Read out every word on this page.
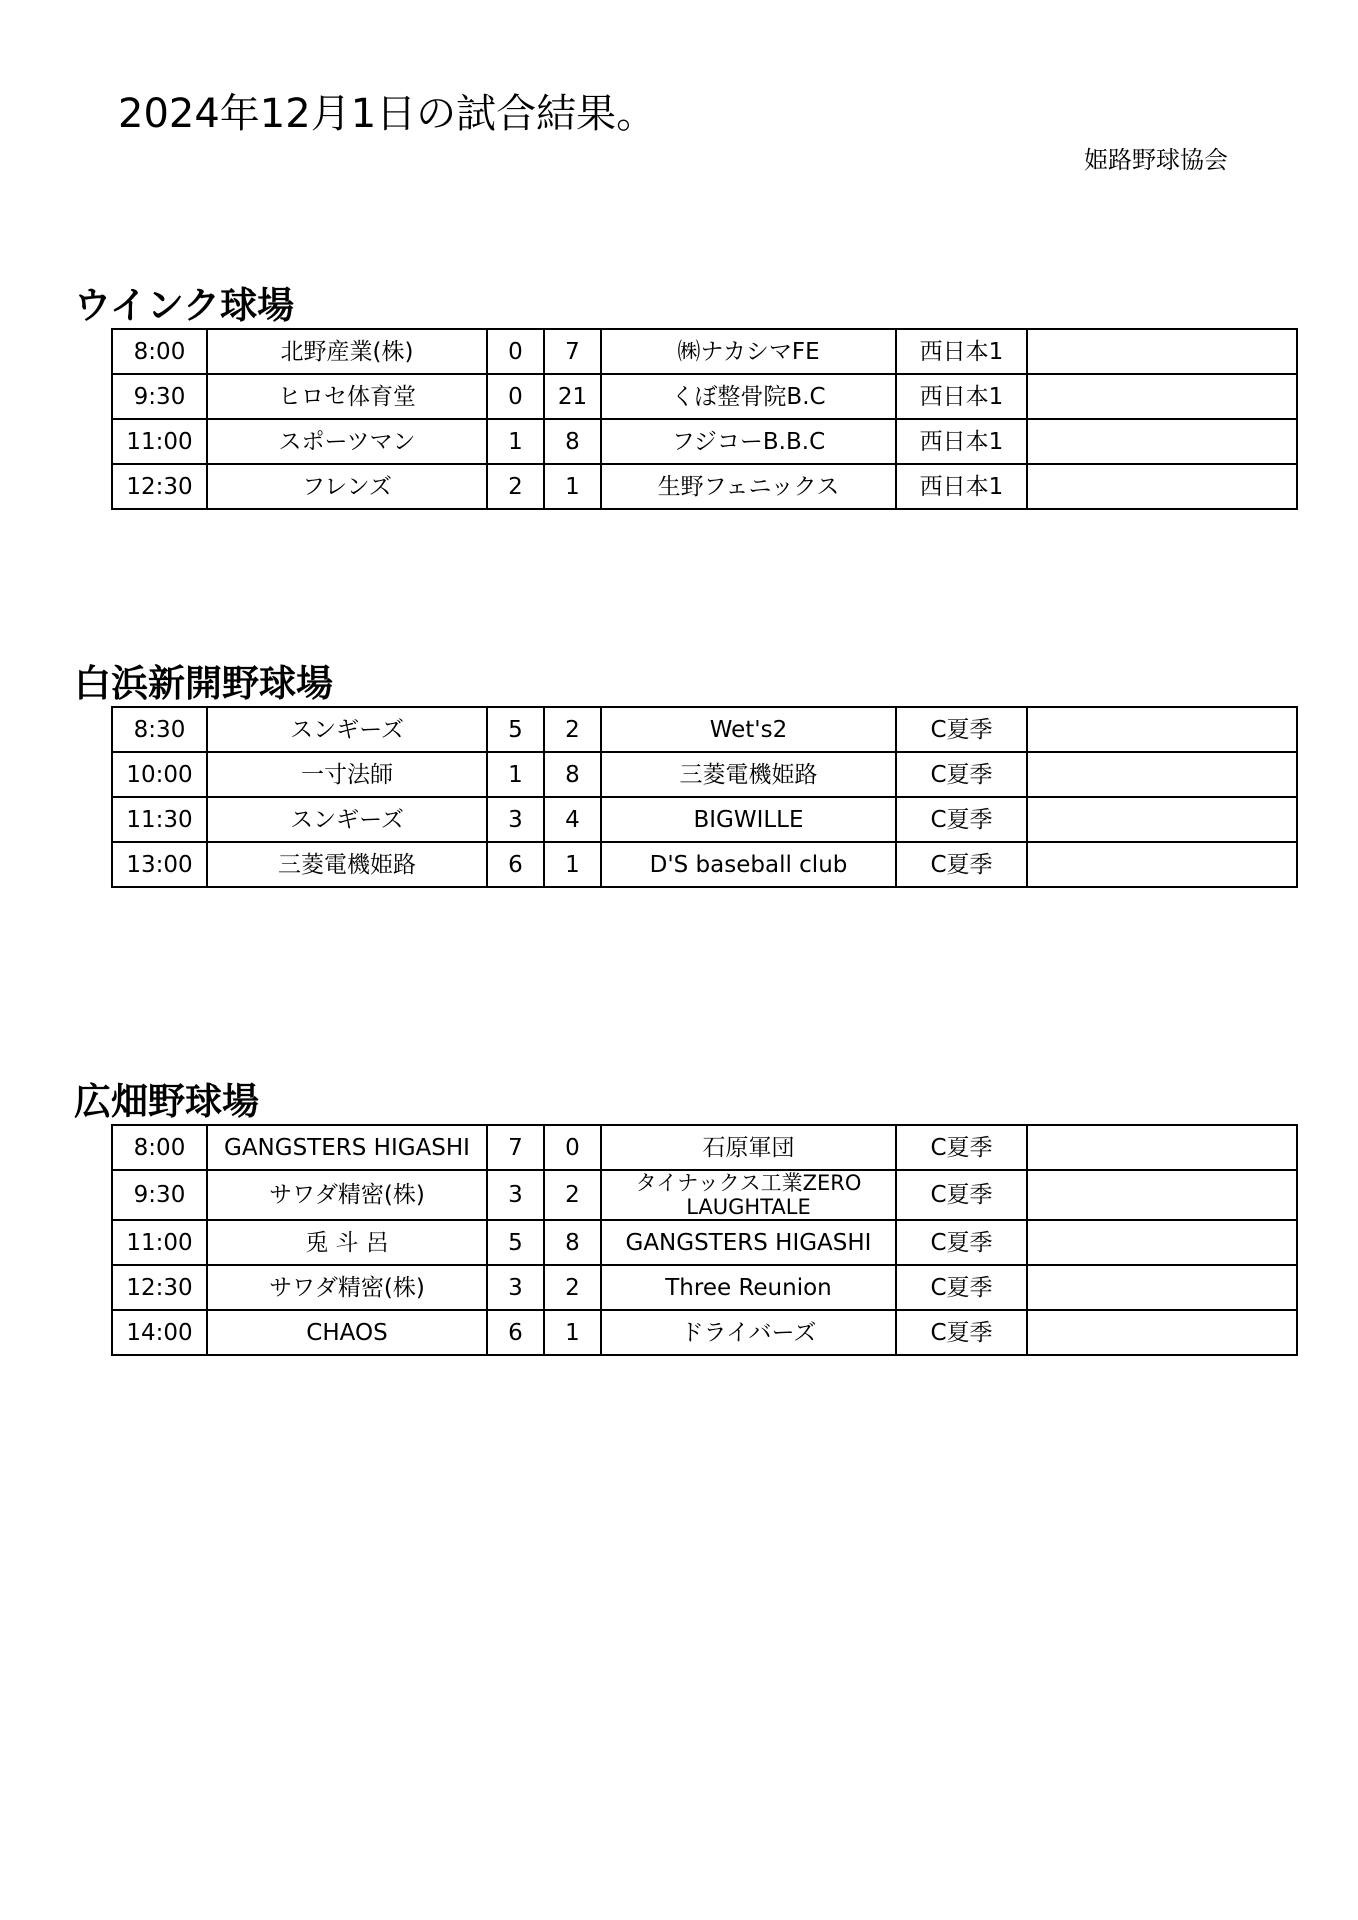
2024年12月1日の試合結果。
姫路野球協会
ウインク球場
8:00	北野産業(株)	0	7	㈱ナカシマFE	西日本1	
9:30	ヒロセ体育堂	0	21	くぼ整骨院B.C	西日本1	
11:00	スポーツマン	1	8	フジコーB.B.C	西日本1	
12:30	フレンズ	2	1	生野フェニックス	西日本1	
白浜新開野球場
8:30	スンギーズ	5	2	Wet's2	C夏季	
10:00	一寸法師	1	8	三菱電機姫路	C夏季	
11:30	スンギーズ	3	4	BIGWILLE	C夏季	
13:00	三菱電機姫路	6	1	D'S baseball club	C夏季	
広畑野球場
8:00	GANGSTERS HIGASHI	7	0	石原軍団	C夏季	
9:30	サワダ精密(株)	3	2	タイナックス工業ZERO LAUGHTALE	C夏季	
11:00	兎 斗 呂	5	8	GANGSTERS HIGASHI	C夏季	
12:30	サワダ精密(株)	3	2	Three Reunion	C夏季	
14:00	CHAOS	6	1	ドライバーズ	C夏季	
